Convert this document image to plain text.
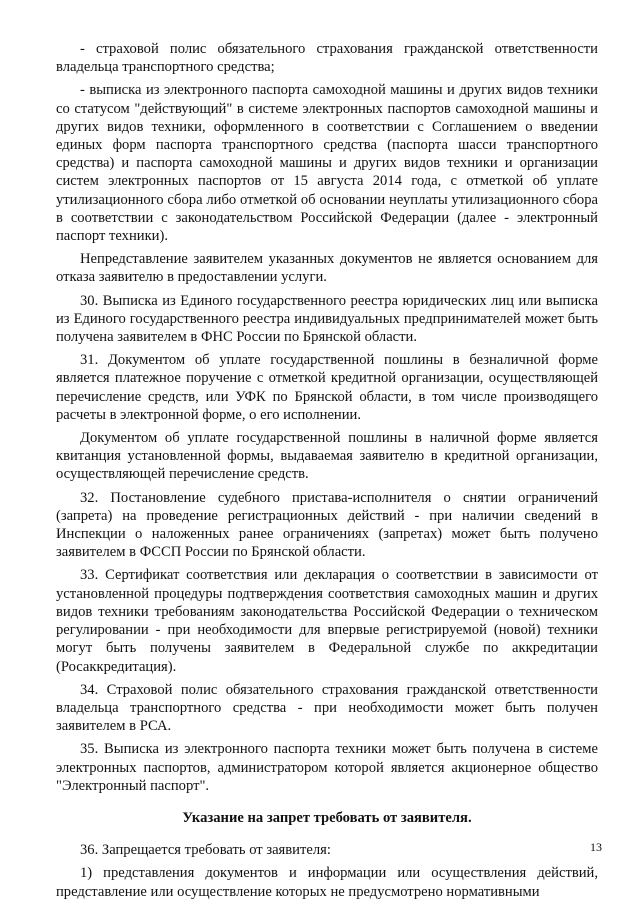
- страховой полис обязательного страхования гражданской ответственности владельца транспортного средства;

- выписка из электронного паспорта самоходной машины и других видов техники со статусом "действующий" в системе электронных паспортов самоходной машины и других видов техники, оформленного в соответствии с Соглашением о введении единых форм паспорта транспортного средства (паспорта шасси транспортного средства) и паспорта самоходной машины и других видов техники и организации систем электронных паспортов от 15 августа 2014 года, с отметкой об уплате утилизационного сбора либо отметкой об основании неуплаты утилизационного сбора в соответствии с законодательством Российской Федерации (далее - электронный паспорт техники).

Непредставление заявителем указанных документов не является основанием для отказа заявителю в предоставлении услуги.

30. Выписка из Единого государственного реестра юридических лиц или выписка из Единого государственного реестра индивидуальных предпринимателей может быть получена заявителем в ФНС России по Брянской области.

31. Документом об уплате государственной пошлины в безналичной форме является платежное поручение с отметкой кредитной организации, осуществляющей перечисление средств, или УФК по Брянской области, в том числе производящего расчеты в электронной форме, о его исполнении.

Документом об уплате государственной пошлины в наличной форме является квитанция установленной формы, выдаваемая заявителю в кредитной организации, осуществляющей перечисление средств.

32. Постановление судебного пристава-исполнителя о снятии ограничений (запрета) на проведение регистрационных действий - при наличии сведений в Инспекции о наложенных ранее ограничениях (запретах) может быть получено заявителем в ФССП России по Брянской области.

33. Сертификат соответствия или декларация о соответствии в зависимости от установленной процедуры подтверждения соответствия самоходных машин и других видов техники требованиям законодательства Российской Федерации о техническом регулировании - при необходимости для впервые регистрируемой (новой) техники могут быть получены заявителем в Федеральной службе по аккредитации (Росаккредитация).

34. Страховой полис обязательного страхования гражданской ответственности владельца транспортного средства - при необходимости может быть получен заявителем в РСА.

35. Выписка из электронного паспорта техники может быть получена в системе электронных паспортов, администратором которой является акционерное общество "Электронный паспорт".

Указание на запрет требовать от заявителя.

36. Запрещается требовать от заявителя:

1) представления документов и информации или осуществления действий, представление или осуществление которых не предусмотрено нормативными

13
